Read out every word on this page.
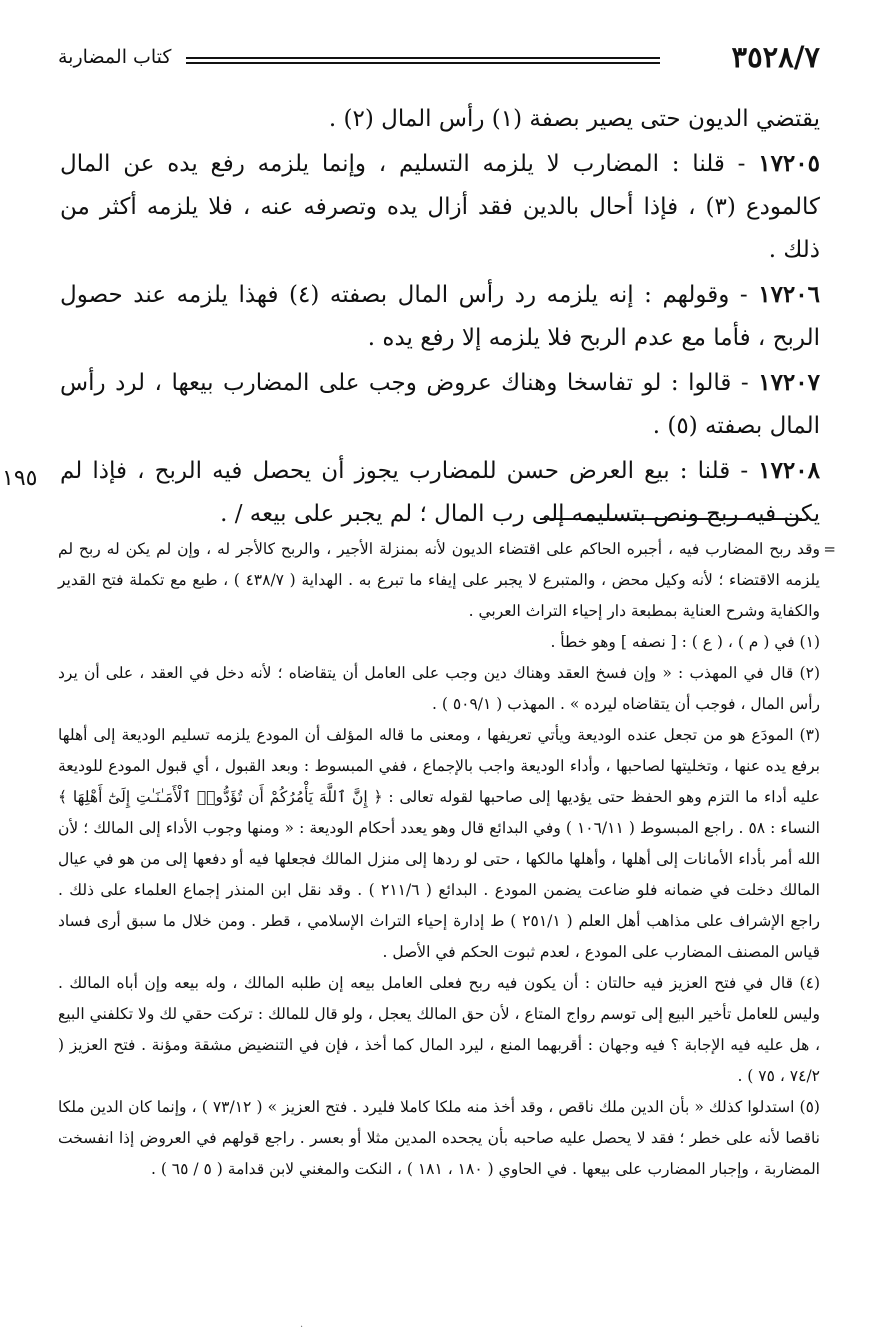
٣٥٢٨/٧
كتاب المضاربة

يقتضي الديون حتى يصير بصفة (١) رأس المال (٢) .

١٧٢٠٥ - قلنا : المضارب لا يلزمه التسليم ، وإنما يلزمه رفع يده عن المال كالمودع (٣) ، فإذا أحال بالدين فقد أزال يده وتصرفه عنه ، فلا يلزمه أكثر من ذلك .

١٧٢٠٦ - وقولهم : إنه يلزمه رد رأس المال بصفته (٤) فهذا يلزمه عند حصول الربح ، فأما مع عدم الربح فلا يلزمه إلا رفع يده .

١٧٢٠٧ - قالوا : لو تفاسخا وهناك عروض وجب على المضارب بيعها ، لرد رأس المال بصفته (٥) .

١٧٢٠٨ - قلنا : بيع العرض حسن للمضارب يجوز أن يحصل فيه الربح ، فإذا لم يكن فيه ربح ونص بتسليمه إلى رب المال ؛ لم يجبر على بيعه / .

١٩٥

=
وقد ربح المضارب فيه ، أجبره الحاكم على اقتضاء الديون لأنه بمنزلة الأجير ، والربح كالأجر له ، وإن لم يكن له ربح لم يلزمه الاقتضاء ؛ لأنه وكيل محض ، والمتبرع لا يجبر على إيفاء ما تبرع به . الهداية ( ٤٣٨/٧ ) ، طبع مع تكملة فتح القدير والكفاية وشرح العناية بمطبعة دار إحياء التراث العربي .

(١) في ( م ) ، ( ع ) : [ نصفه ] وهو خطأ .

(٢) قال في المهذب : « وإن فسخ العقد وهناك دين وجب على العامل أن يتقاضاه ؛ لأنه دخل في العقد ، على أن يرد رأس المال ، فوجب أن يتقاضاه ليرده » . المهذب ( ٥٠٩/١ ) .

(٣) المودَع هو من تجعل عنده الوديعة ويأتي تعريفها ، ومعنى ما قاله المؤلف أن المودع يلزمه تسليم الوديعة إلى أهلها برفع يده عنها ، وتخليتها لصاحبها ، وأداء الوديعة واجب بالإجماع ، ففي المبسوط : وبعد القبول ، أي قبول المودع للوديعة عليه أداء ما التزم وهو الحفظ حتى يؤديها إلى صاحبها لقوله تعالى : ﴿ إِنَّ ٱللَّهَ يَأْمُرُكُمْ أَن تُؤَدُّوا۟ ٱلْأَمَـٰنَـٰتِ إِلَىٰٓ أَهْلِهَا ﴾ النساء : ٥٨ . راجع المبسوط ( ١٠٦/١١ ) وفي البدائع قال وهو يعدد أحكام الوديعة : « ومنها وجوب الأداء إلى المالك ؛ لأن الله أمر بأداء الأمانات إلى أهلها ، وأهلها مالكها ، حتى لو ردها إلى منزل المالك فجعلها فيه أو دفعها إلى من هو في عيال المالك دخلت في ضمانه فلو ضاعت يضمن المودع . البدائع ( ٢١١/٦ ) . وقد نقل ابن المنذر إجماع العلماء على ذلك . راجع الإشراف على مذاهب أهل العلم ( ٢٥١/١ ) ط إدارة إحياء التراث الإسلامي ، قطر . ومن خلال ما سبق أرى فساد قياس المصنف المضارب على المودع ، لعدم ثبوت الحكم في الأصل .

(٤) قال في فتح العزيز فيه حالتان : أن يكون فيه ربح فعلى العامل بيعه إن طلبه المالك ، وله بيعه وإن أباه المالك . وليس للعامل تأخير البيع إلى توسم رواج المتاع ، لأن حق المالك يعجل ، ولو قال للمالك : تركت حقي لك ولا تكلفني البيع ، هل عليه فيه الإجابة ؟ فيه وجهان : أقربهما المنع ، ليرد المال كما أخذ ، فإن في التنضيض مشقة ومؤنة . فتح العزيز ( ٧٤/٢ ، ٧٥ ) .

(٥) استدلوا كذلك « بأن الدين ملك ناقص ، وقد أخذ منه ملكا كاملا فليرد . فتح العزيز » ( ٧٣/١٢ ) ، وإنما كان الدين ملكا ناقصا لأنه على خطر ؛ فقد لا يحصل عليه صاحبه بأن يجحده المدين مثلا أو بعسر . راجع قولهم في العروض إذا انفسخت المضاربة ، وإجبار المضارب على بيعها . في الحاوي ( ١٨٠ ، ١٨١ ) ، النكت والمغني لابن قدامة ( ٥ / ٦٥ ) .

·
